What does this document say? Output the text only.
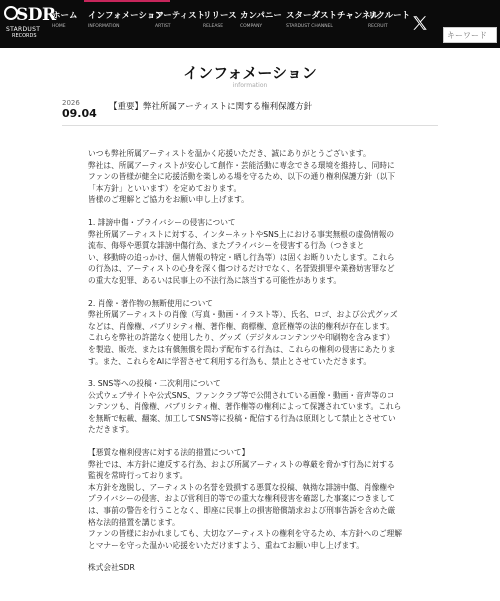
SDR
STARDUST
RECORDS
ホーム
HOME
インフォメーション
INFORMATION
アーティスト
ARTIST
リリース
RELEASE
カンパニー
COMPANY
スターダストチャンネル
STARDUST CHANNEL
リクルート
RECRUIT
キーワード
インフォメーション
information
2026
09.04 【重要】弊社所属アーティストに関する権利保護方針

いつも弊社所属アーティストを温かく応援いただき、誠にありがとうございます。
弊社は、所属アーティストが安心して創作・芸能活動に専念できる環境を維持し、同時に
ファンの皆様が健全に応援活動を楽しめる場を守るため、以下の通り権利保護方針（以下
「本方針」といいます）を定めております。
皆様のご理解とご協力をお願い申し上げます。

1. 誹謗中傷・プライバシーの侵害について
弊社所属アーティストに対する、インターネットやSNS上における事実無根の虚偽情報の
流布、侮辱や悪質な誹謗中傷行為、またプライバシーを侵害する行為（つきまと
い、移動時の追っかけ、個人情報の特定・晒し行為等）は固くお断りいたします。これら
の行為は、アーティストの心身を深く傷つけるだけでなく、名誉毀損罪や業務妨害罪など
の重大な犯罪、あるいは民事上の不法行為に該当する可能性があります。

2. 肖像・著作物の無断使用について
弊社所属アーティストの肖像（写真・動画・イラスト等）、氏名、ロゴ、および公式グッズ
などは、肖像権、パブリシティ権、著作権、商標権、意匠権等の法的権利が存在します。
これらを弊社の許諾なく使用したり、グッズ（デジタルコンテンツや印刷物を含みます）
を製造、販売、または有償無償を問わず配布する行為は、これらの権利の侵害にあたりま
す。また、これらをAIに学習させて利用する行為も、禁止とさせていただきます。

3. SNS等への投稿・二次利用について
公式ウェブサイトや公式SNS、ファンクラブ等で公開されている画像・動画・音声等のコ
ンテンツも、肖像権、パブリシティ権、著作権等の権利によって保護されています。これら
を無断で転載、翻案、加工してSNS等に投稿・配信する行為は原則として禁止とさせてい
ただきます。

【悪質な権利侵害に対する法的措置について】
弊社では、本方針に違反する行為、および所属アーティストの尊厳を脅かす行為に対する
監視を常時行っております。
本方針を逸脱し、アーティストの名誉を毀損する悪質な投稿、執拗な誹謗中傷、肖像権や
プライバシーの侵害、および営利目的等での重大な権利侵害を確認した事案につきまして
は、事前の警告を行うことなく、即座に民事上の損害賠償請求および刑事告訴を含めた厳
格な法的措置を講じます。
ファンの皆様におかれましても、大切なアーティストの権利を守るため、本方針へのご理解
とマナーを守った温かい応援をいただけますよう、重ねてお願い申し上げます。

株式会社SDR
